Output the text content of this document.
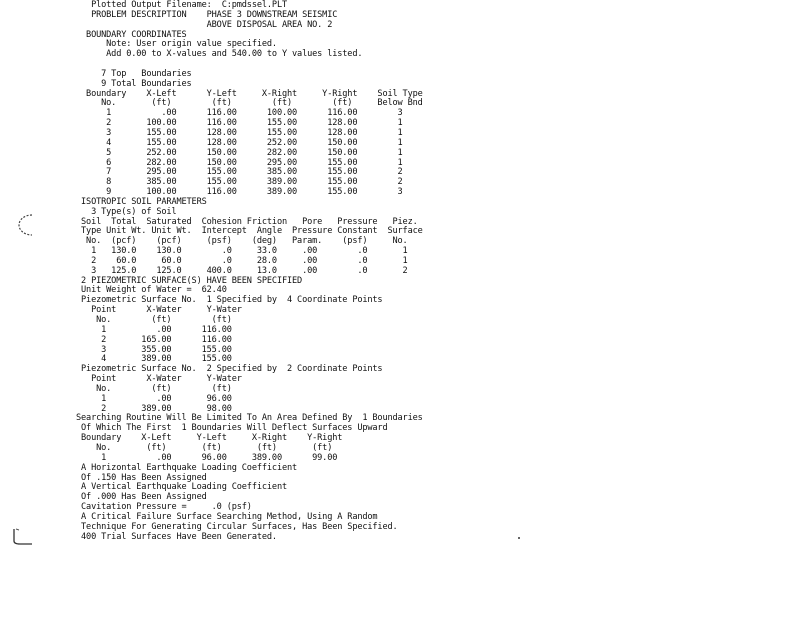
Plotted Output Filename:  C:pmdssel.PLT
PROBLEM DESCRIPTION    PHASE 3 DOWNSTREAM SEISMIC
ABOVE DISPOSAL AREA NO. 2
BOUNDARY COORDINATES
Note: User origin value specified.
Add 0.00 to X-values and 540.00 to Y values listed.
7 Top   Boundaries
9 Total Boundaries
Boundary    X-Left      Y-Left     X-Right     Y-Right    Soil Type
No.       (ft)        (ft)        (ft)        (ft)     Below Bnd
1          .00      116.00      100.00      116.00        3
2       100.00      116.00      155.00      128.00        1
3       155.00      128.00      155.00      128.00        1
4       155.00      128.00      252.00      150.00        1
5       252.00      150.00      282.00      150.00        1
6       282.00      150.00      295.00      155.00        1
7       295.00      155.00      385.00      155.00        2
8       385.00      155.00      389.00      155.00        2
9       100.00      116.00      389.00      155.00        3
ISOTROPIC SOIL PARAMETERS
3 Type(s) of Soil
Soil  Total  Saturated  Cohesion Friction   Pore   Pressure   Piez.
Type Unit Wt. Unit Wt.  Intercept  Angle  Pressure Constant  Surface
No.  (pcf)    (pcf)     (psf)    (deg)   Param.    (psf)     No.
1   130.0    130.0        .0     33.0     .00        .0       1
2    60.0     60.0        .0     28.0     .00        .0       1
3   125.0    125.0     400.0     13.0     .00        .0       2
2 PIEZOMETRIC SURFACE(S) HAVE BEEN SPECIFIED
Unit Weight of Water =  62.40
Piezometric Surface No.  1 Specified by  4 Coordinate Points
Point      X-Water     Y-Water
No.        (ft)        (ft)
1          .00      116.00
2       165.00      116.00
3       355.00      155.00
4       389.00      155.00
Piezometric Surface No.  2 Specified by  2 Coordinate Points
Point      X-Water     Y-Water
No.        (ft)        (ft)
1          .00       96.00
2       389.00       98.00
Searching Routine Will Be Limited To An Area Defined By  1 Boundaries
Of Which The First  1 Boundaries Will Deflect Surfaces Upward
Boundary    X-Left     Y-Left     X-Right    Y-Right
No.       (ft)       (ft)       (ft)       (ft)
1          .00      96.00     389.00      99.00
A Horizontal Earthquake Loading Coefficient
Of .150 Has Been Assigned
A Vertical Earthquake Loading Coefficient
Of .000 Has Been Assigned
Cavitation Pressure =     .0 (psf)
A Critical Failure Surface Searching Method, Using A Random
Technique For Generating Circular Surfaces, Has Been Specified.
400 Trial Surfaces Have Been Generated.
